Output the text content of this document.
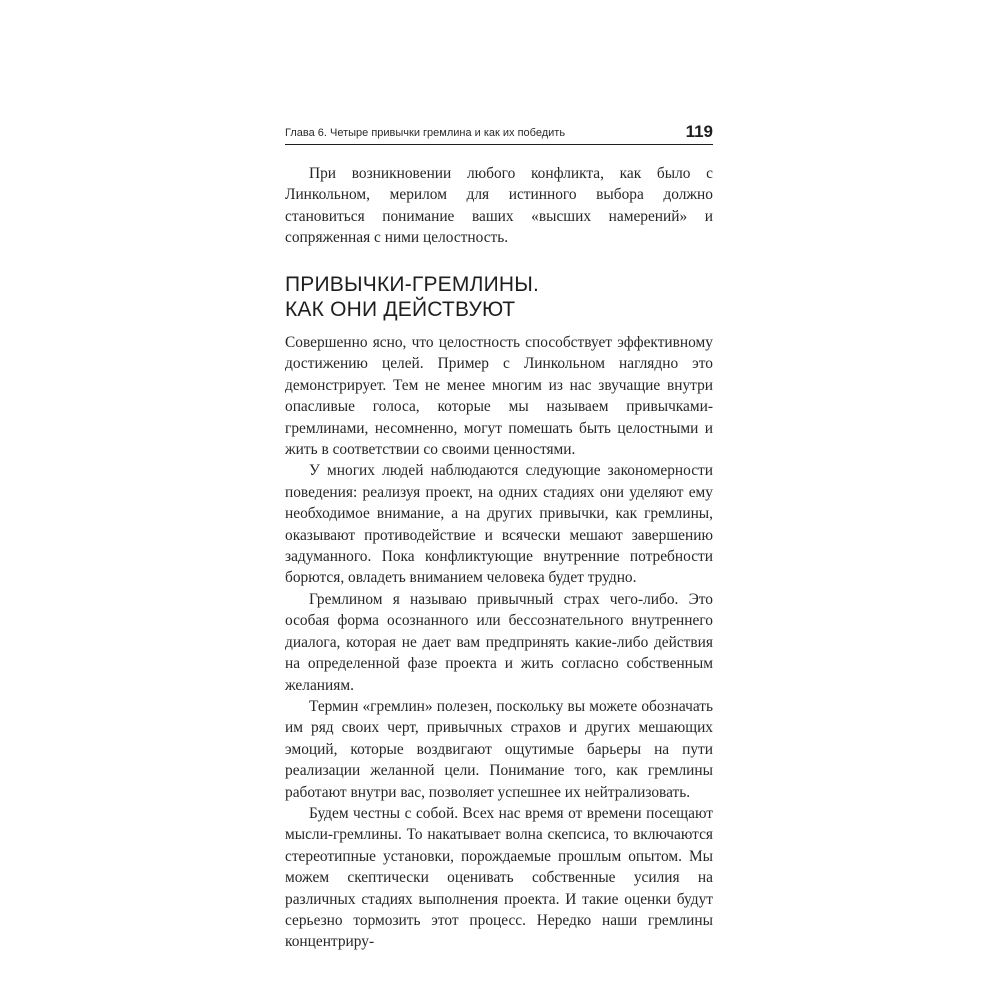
Глава 6. Четыре привычки гремлина и как их победить	119

При возникновении любого конфликта, как было с Линкольном, мерилом для истинного выбора должно становиться понимание ваших «высших намерений» и сопряженная с ними целостность.

ПРИВЫЧКИ-ГРЕМЛИНЫ.
КАК ОНИ ДЕЙСТВУЮТ

Совершенно ясно, что целостность способствует эффективному достижению целей. Пример с Линкольном наглядно это демонстрирует. Тем не менее многим из нас звучащие внутри опасливые голоса, которые мы называем привычками-гремлинами, несомненно, могут помешать быть целостными и жить в соответствии со своими ценностями.

У многих людей наблюдаются следующие закономерности поведения: реализуя проект, на одних стадиях они уделяют ему необходимое внимание, а на других привычки, как гремлины, оказывают противодействие и всячески мешают завершению задуманного. Пока конфликтующие внутренние потребности борются, овладеть вниманием человека будет трудно.

Гремлином я называю привычный страх чего-либо. Это особая форма осознанного или бессознательного внутреннего диалога, которая не дает вам предпринять какие-либо действия на определенной фазе проекта и жить согласно собственным желаниям.

Термин «гремлин» полезен, поскольку вы можете обозначать им ряд своих черт, привычных страхов и других мешающих эмоций, которые воздвигают ощутимые барьеры на пути реализации желанной цели. Понимание того, как гремлины работают внутри вас, позволяет успешнее их нейтрализовать.

Будем честны с собой. Всех нас время от времени посещают мысли-гремлины. То накатывает волна скепсиса, то включаются стереотипные установки, порождаемые прошлым опытом. Мы можем скептически оценивать собственные усилия на различных стадиях выполнения проекта. И такие оценки будут серьезно тормозить этот процесс. Нередко наши гремлины концентриру-
